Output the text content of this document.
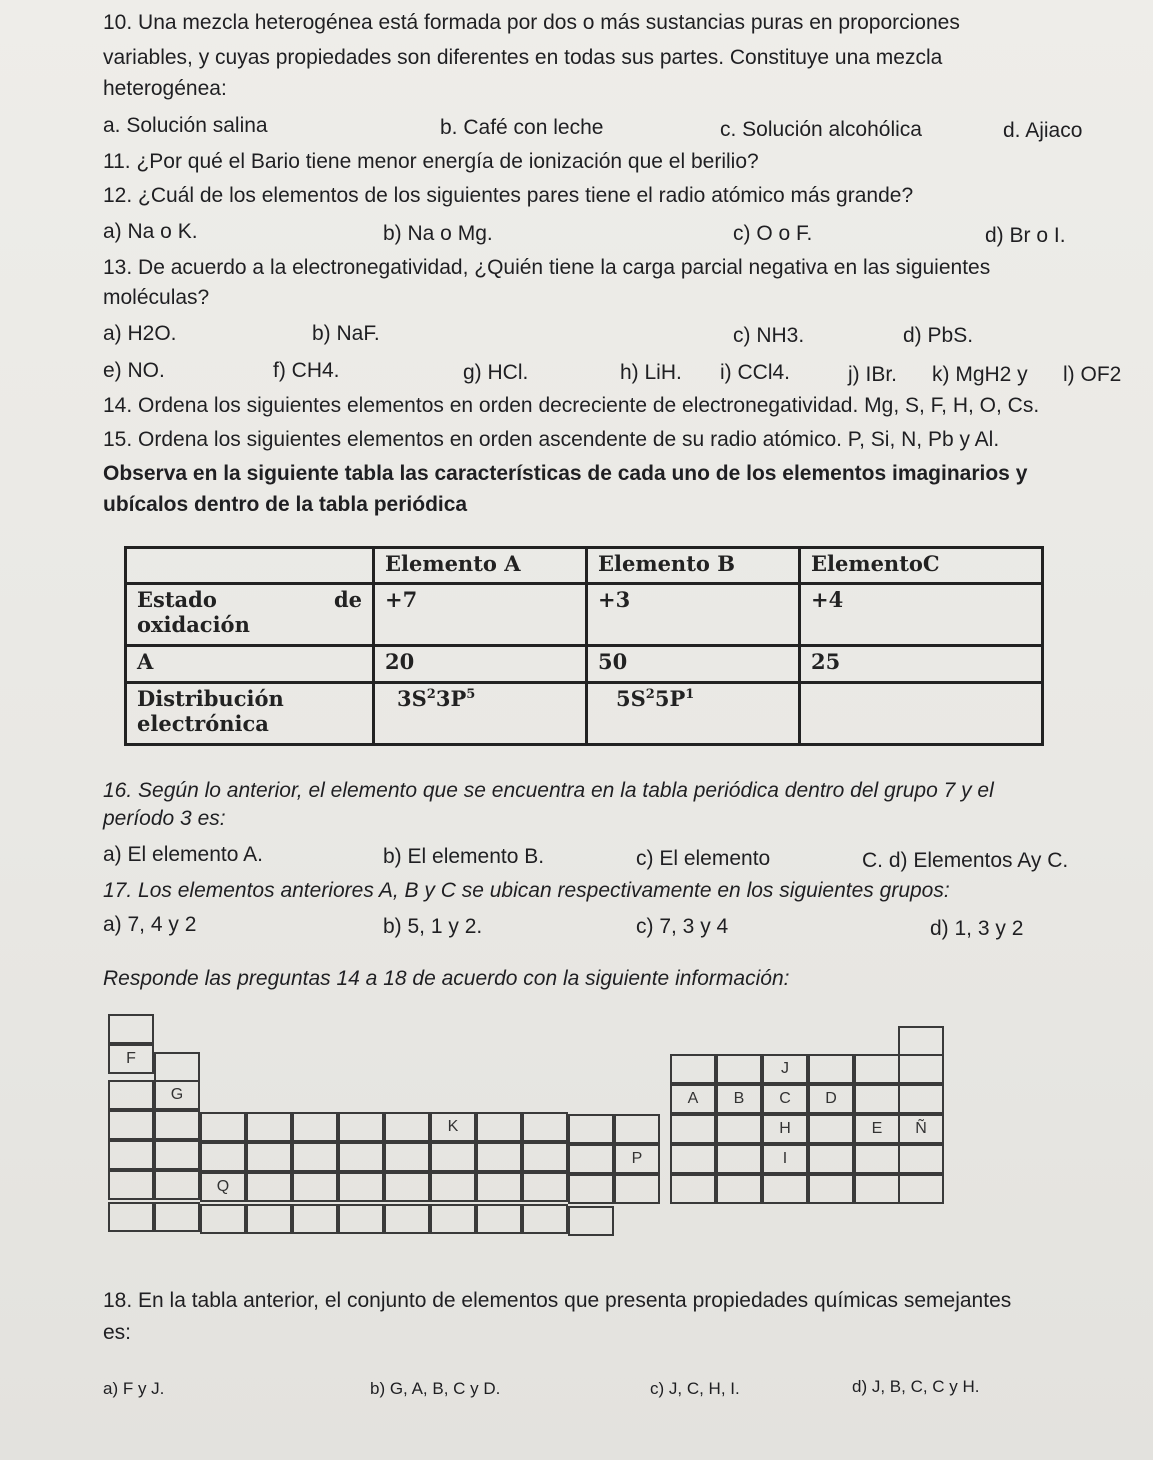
10. Una mezcla heterogénea está formada por dos o más sustancias puras en proporciones
variables, y cuyas propiedades son diferentes en todas sus partes. Constituye una mezcla
heterogénea:
a. Solución salina	b. Café con leche	c. Solución alcohólica	d. Ajiaco
11. ¿Por qué el Bario tiene menor energía de ionización que el berilio?
12. ¿Cuál de los elementos de los siguientes pares tiene el radio atómico más grande?
a) Na o K.	b) Na o Mg.	c) O o F.	d) Br o I.
13. De acuerdo a la electronegatividad, ¿Quién tiene la carga parcial negativa en las siguientes
moléculas?
a) H2O.	b) NaF.	c) NH3.	d) PbS.
e) NO.	f) CH4.	g) HCl.	h) LiH. i) CCl4.	j) IBr. k) MgH2 y l) OF2
14. Ordena los siguientes elementos en orden decreciente de electronegatividad. Mg, S, F, H, O, Cs.
15. Ordena los siguientes elementos en orden ascendente de su radio atómico. P, Si, N, Pb y Al.
Observa en la siguiente tabla las características de cada uno de los elementos imaginarios y
ubícalos dentro de la tabla periódica
	Elemento A	Elemento B	ElementoC

Estado de
oxidación	+7	+3	+4
A	20	50	25

Distribución
electrónica	$3S^23P^5$	$5S^25P^1$	
16. Según lo anterior, el elemento que se encuentra en la tabla periódica dentro del grupo 7 y el
período 3 es:
a) El elemento A.	b) El elemento B.	c) El elemento	C. d) Elementos Ay C.
17. Los elementos anteriores A, B y C se ubican respectivamente en los siguientes grupos:
a) 7, 4 y 2	b) 5, 1 y 2.	c) 7, 3 y 4	d) 1, 3 y 2
Responde las preguntas 14 a 18 de acuerdo con la siguiente información:
F
J
G	A	B	C	D
K	H	E	Ñ
P	I
Q
18. En la tabla anterior, el conjunto de elementos que presenta propiedades químicas semejantes
es:
a) F y J.	b) G, A, B, C y D.	c) J, C, H, I.	d) J, B, C, C y H.
